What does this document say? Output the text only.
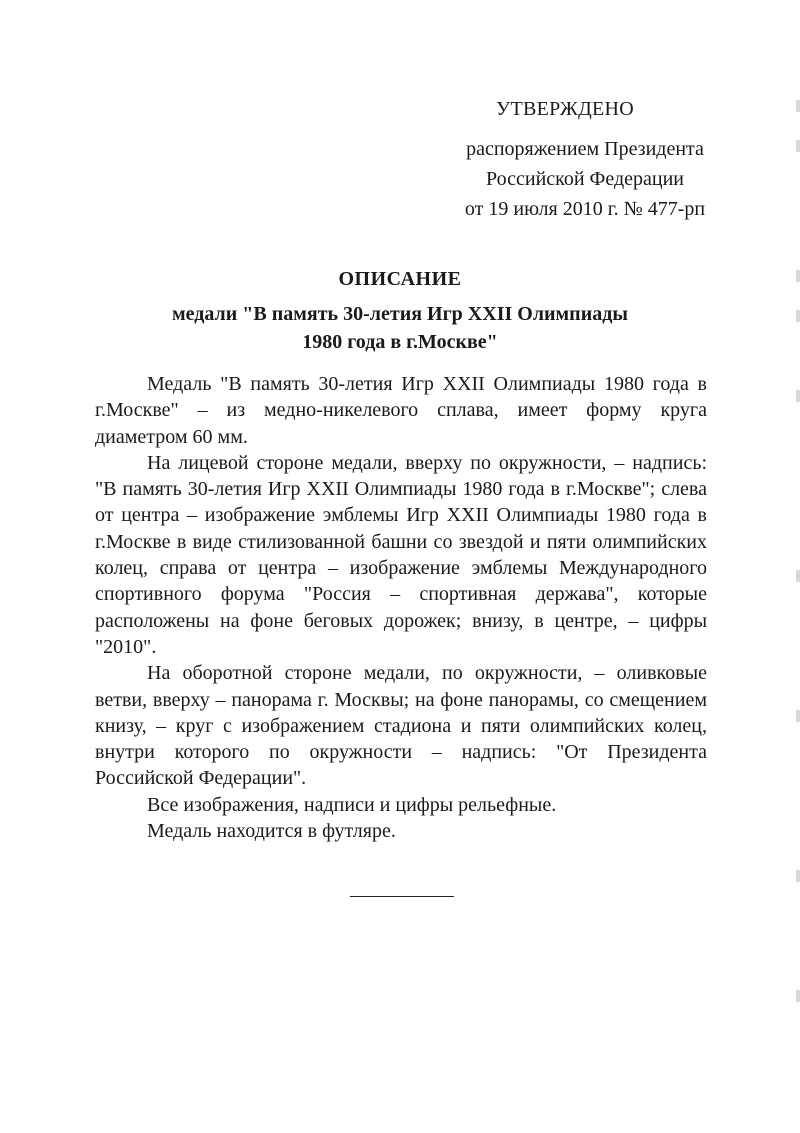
УТВЕРЖДЕНО
распоряжением Президента
Российской Федерации
от 19 июля 2010 г. № 477-рп
ОПИСАНИЕ
медали "В память 30-летия Игр XXII Олимпиады
1980 года в г.Москве"

Медаль "В память 30-летия Игр XXII Олимпиады 1980 года в г.Москве" – из медно-никелевого сплава, имеет форму круга диаметром 60 мм.

На лицевой стороне медали, вверху по окружности, – надпись: "В память 30-летия Игр XXII Олимпиады 1980 года в г.Москве"; слева от центра – изображение эмблемы Игр XXII Олимпиады 1980 года в г.Москве в виде стилизованной башни со звездой и пяти олимпийских колец, справа от центра – изображение эмблемы Международного спортивного форума "Россия – спортивная держава", которые расположены на фоне беговых дорожек; внизу, в центре, – цифры "2010".

На оборотной стороне медали, по окружности, – оливковые ветви, вверху – панорама г. Москвы; на фоне панорамы, со смещением книзу, – круг с изображением стадиона и пяти олимпийских колец, внутри которого по окружности – надпись: "От Президента Российской Федерации".

Все изображения, надписи и цифры рельефные.

Медаль находится в футляре.
